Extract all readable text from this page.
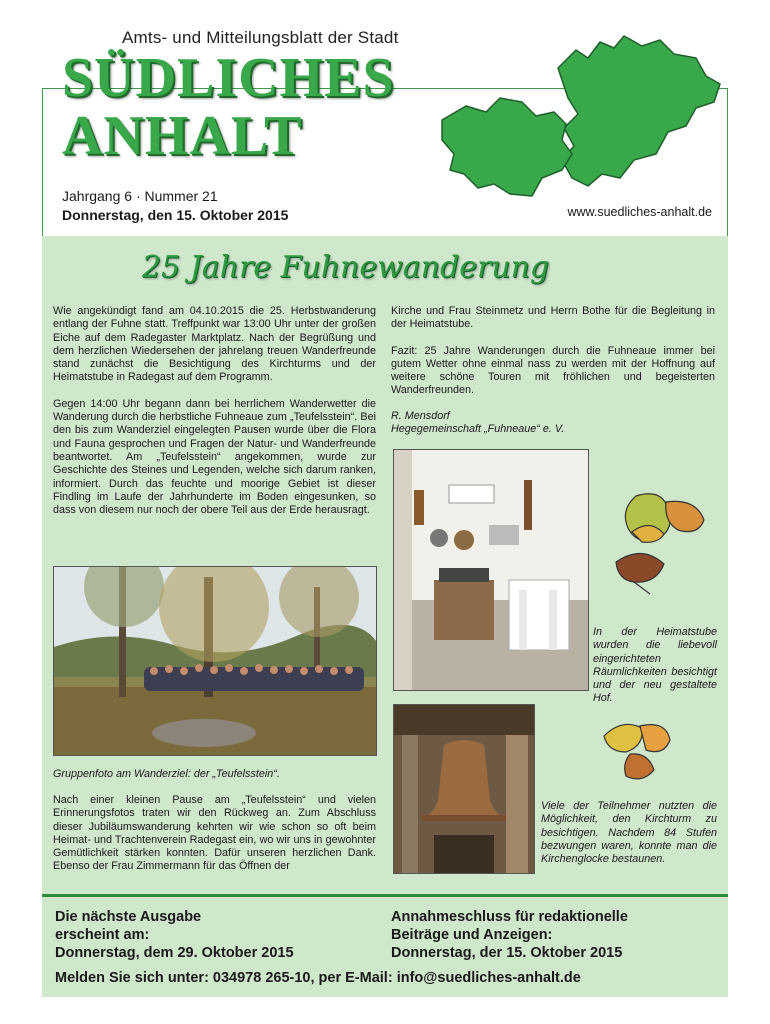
Amts- und Mitteilungsblatt der Stadt
SÜDLICHES
ANHALT
Jahrgang 6 · Nummer 21
Donnerstag, den 15. Oktober 2015	www.suedliches-anhalt.de
25 Jahre Fuhnewanderung

Wie angekündigt fand am 04.10.2015 die 25. Herbstwanderung entlang der Fuhne statt. Treffpunkt war 13:00 Uhr unter der großen Eiche auf dem Radegaster Marktplatz. Nach der Begrüßung und dem herzlichen Wiedersehen der jahrelang treuen Wanderfreunde stand zunächst die Besichtigung des Kirchturms und der Heimatstube in Radegast auf dem Programm.

Gegen 14:00 Uhr begann dann bei herrlichem Wanderwetter die Wanderung durch die herbstliche Fuhneaue zum „Teufelsstein“. Bei den bis zum Wanderziel eingelegten Pausen wurde über die Flora und Fauna gesprochen und Fragen der Natur- und Wanderfreunde beantwortet. Am „Teufelsstein“ angekommen, wurde zur Geschichte des Steines und Legenden, welche sich darum ranken, informiert. Durch das feuchte und moorige Gebiet ist dieser Findling im Laufe der Jahrhunderte im Boden eingesunken, so dass von diesem nur noch der obere Teil aus der Erde herausragt.

Kirche und Frau Steinmetz und Herrn Bothe für die Begleitung in der Heimatstube.

Fazit: 25 Jahre Wanderungen durch die Fuhneaue immer bei gutem Wetter ohne einmal nass zu werden mit der Hoffnung auf weitere schöne Touren mit fröhlichen und begeisterten Wanderfreunden.

R. Mensdorf
Hegegemeinschaft „Fuhneaue“ e. V.
Gruppenfoto am Wanderziel: der „Teufelsstein“.

Nach einer kleinen Pause am „Teufelsstein“ und vielen Erinnerungsfotos traten wir den Rückweg an. Zum Abschluss dieser Jubiläumswanderung kehrten wir wie schon so oft beim Heimat- und Trachtenverein Radegast ein, wo wir uns in gewohnter Gemütlichkeit stärken konnten. Dafür unseren herzlichen Dank. Ebenso der Frau Zimmermann für das Öffnen der

In der Heimatstube wurden die liebevoll eingerichteten Räumlichkeiten besichtigt und der neu gestaltete Hof.
Viele der Teilnehmer nutzten die Möglichkeit, den Kirchturm zu besichtigen. Nachdem 84 Stufen bezwungen waren, konnte man die Kirchenglocke bestaunen.
Die nächste Ausgabe
erscheint am:
Donnerstag, dem 29. Oktober 2015
Annahmeschluss für redaktionelle
Beiträge und Anzeigen:
Donnerstag, der 15. Oktober 2015
Melden Sie sich unter: 034978 265-10, per E-Mail: info@suedliches-anhalt.de
